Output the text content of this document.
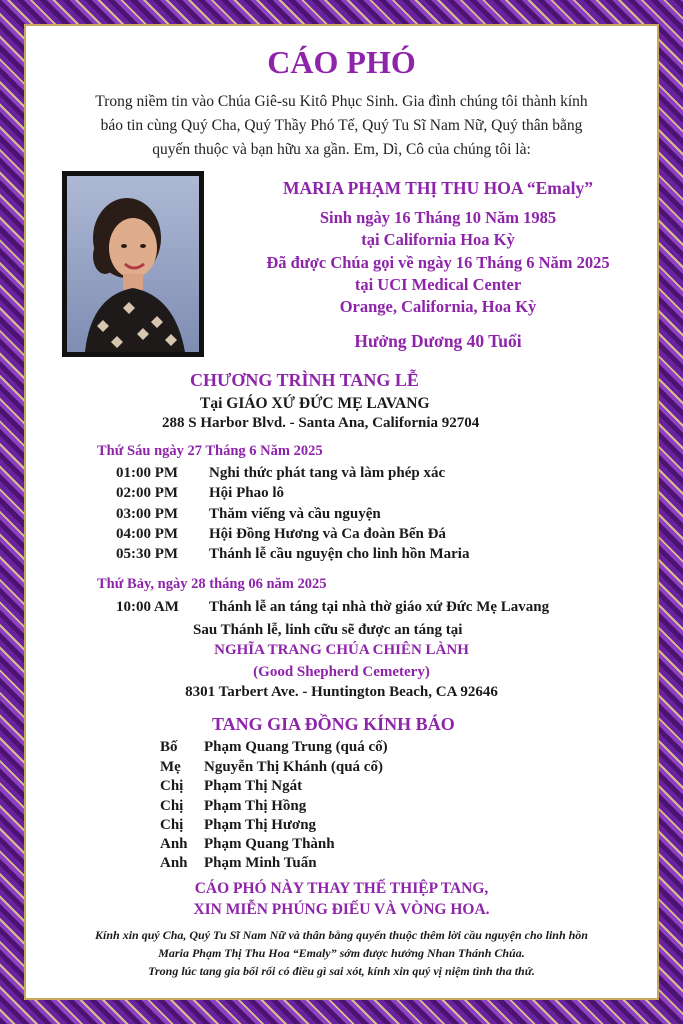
CÁO PHÓ
Trong niềm tin vào Chúa Giê-su Kitô Phục Sinh. Gia đình chúng tôi thành kính
báo tin cùng Quý Cha, Quý Thầy Phó Tế, Quý Tu Sĩ Nam Nữ, Quý thân bằng
quyến thuộc và bạn hữu xa gần. Em, Dì, Cô của chúng tôi là:
MARIA PHẠM THỊ THU HOA “Emaly”
Sinh ngày 16 Tháng 10 Năm 1985
tại California Hoa Kỳ
Đã được Chúa gọi về ngày 16 Tháng 6 Năm 2025
tại UCI Medical Center
Orange, California, Hoa Kỳ
Hưởng Dương 40 Tuổi
CHƯƠNG TRÌNH TANG LỄ
Tại GIÁO XỨ ĐỨC MẸ LAVANG
288 S Harbor Blvd. - Santa Ana, California 92704
Thứ Sáu ngày 27 Tháng 6 Năm 2025
01:00 PM Nghi thức phát tang và làm phép xác
02:00 PM Hội Phao lô
03:00 PM Thăm viếng và cầu nguyện
04:00 PM Hội Đồng Hương và Ca đoàn Bến Đá
05:30 PM Thánh lễ cầu nguyện cho linh hồn Maria
Thứ Bảy, ngày 28 tháng 06 năm 2025
10:00 AM Thánh lễ an táng tại nhà thờ giáo xứ Đức Mẹ Lavang
Sau Thánh lễ, linh cữu sẽ được an táng tại
NGHĨA TRANG CHÚA CHIÊN LÀNH
(Good Shepherd Cemetery)
8301 Tarbert Ave. - Huntington Beach, CA 92646
TANG GIA ĐỒNG KÍNH BÁO
Bố Phạm Quang Trung (quá cố)
Mẹ Nguyễn Thị Khánh (quá cố)
Chị Phạm Thị Ngát
Chị Phạm Thị Hồng
Chị Phạm Thị Hương
Anh Phạm Quang Thành
Anh Phạm Minh Tuấn
CÁO PHÓ NÀY THAY THẾ THIỆP TANG,
XIN MIỄN PHÚNG ĐIẾU VÀ VÒNG HOA.
Kính xin quý Cha, Quý Tu Sĩ Nam Nữ và thân bằng quyến thuộc thêm lời cầu nguyện cho linh hồn
Maria Phạm Thị Thu Hoa “Emaly” sớm được hưởng Nhan Thánh Chúa.
Trong lúc tang gia bối rối có điều gì sai xót, kính xin quý vị niệm tình tha thứ.
